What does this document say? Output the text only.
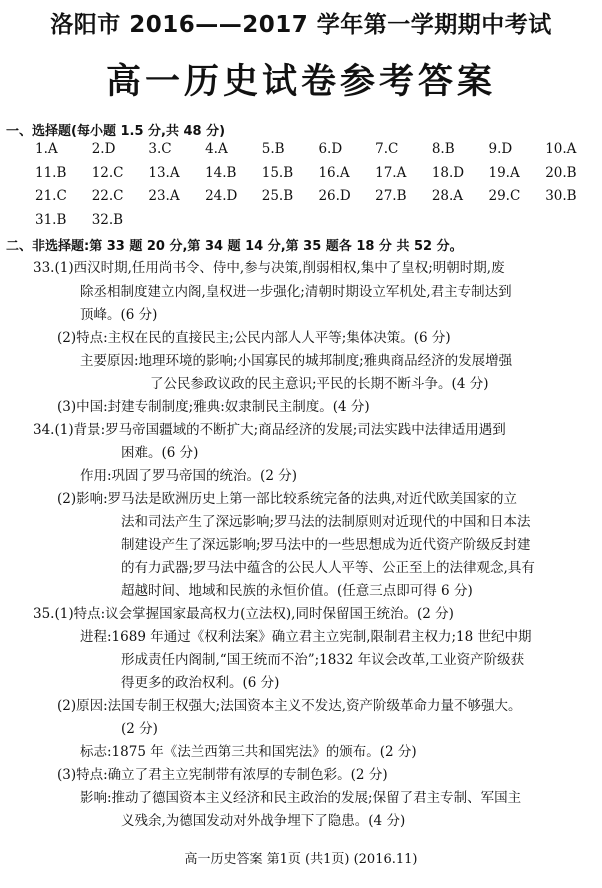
洛阳市 2016——2017 学年第一学期期中考试
高一历史试卷参考答案
一、选择题(每小题 1.5 分,共 48 分)
1.A	2.D	3.C	4.A	5.B	6.D	7.C	8.B	9.D	10.A
11.B	12.C	13.A	14.B	15.B	16.A	17.A	18.D	19.A	20.B
21.C	22.C	23.A	24.D	25.B	26.D	27.B	28.A	29.C	30.B
31.B	32.B
二、非选择题:第 33 题 20 分,第 34 题 14 分,第 35 题各 18 分 共 52 分。
33.(1)西汉时期,任用尚书令、侍中,参与决策,削弱相权,集中了皇权;明朝时期,废
除丞相制度建立内阁,皇权进一步强化;清朝时期设立军机处,君主专制达到
顶峰。(6 分)
(2)特点:主权在民的直接民主;公民内部人人平等;集体决策。(6 分)
主要原因:地理环境的影响;小国寡民的城邦制度;雅典商品经济的发展增强
了公民参政议政的民主意识;平民的长期不断斗争。(4 分)
(3)中国:封建专制制度;雅典:奴隶制民主制度。(4 分)
34.(1)背景:罗马帝国疆域的不断扩大;商品经济的发展;司法实践中法律适用遇到
困难。(6 分)
作用:巩固了罗马帝国的统治。(2 分)
(2)影响:罗马法是欧洲历史上第一部比较系统完备的法典,对近代欧美国家的立
法和司法产生了深远影响;罗马法的法制原则对近现代的中国和日本法
制建设产生了深远影响;罗马法中的一些思想成为近代资产阶级反封建
的有力武器;罗马法中蕴含的公民人人平等、公正至上的法律观念,具有
超越时间、地域和民族的永恒价值。(任意三点即可得 6 分)
35.(1)特点:议会掌握国家最高权力(立法权),同时保留国王统治。(2 分)
进程:1689 年通过《权利法案》确立君主立宪制,限制君主权力;18 世纪中期
形成责任内阁制,“国王统而不治”;1832 年议会改革,工业资产阶级获
得更多的政治权利。(6 分)
(2)原因:法国专制王权强大;法国资本主义不发达,资产阶级革命力量不够强大。
(2 分)
标志:1875 年《法兰西第三共和国宪法》的颁布。(2 分)
(3)特点:确立了君主立宪制带有浓厚的专制色彩。(2 分)
影响:推动了德国资本主义经济和民主政治的发展;保留了君主专制、军国主
义残余,为德国发动对外战争埋下了隐患。(4 分)
高一历史答案 第1页 (共1页) (2016.11)
